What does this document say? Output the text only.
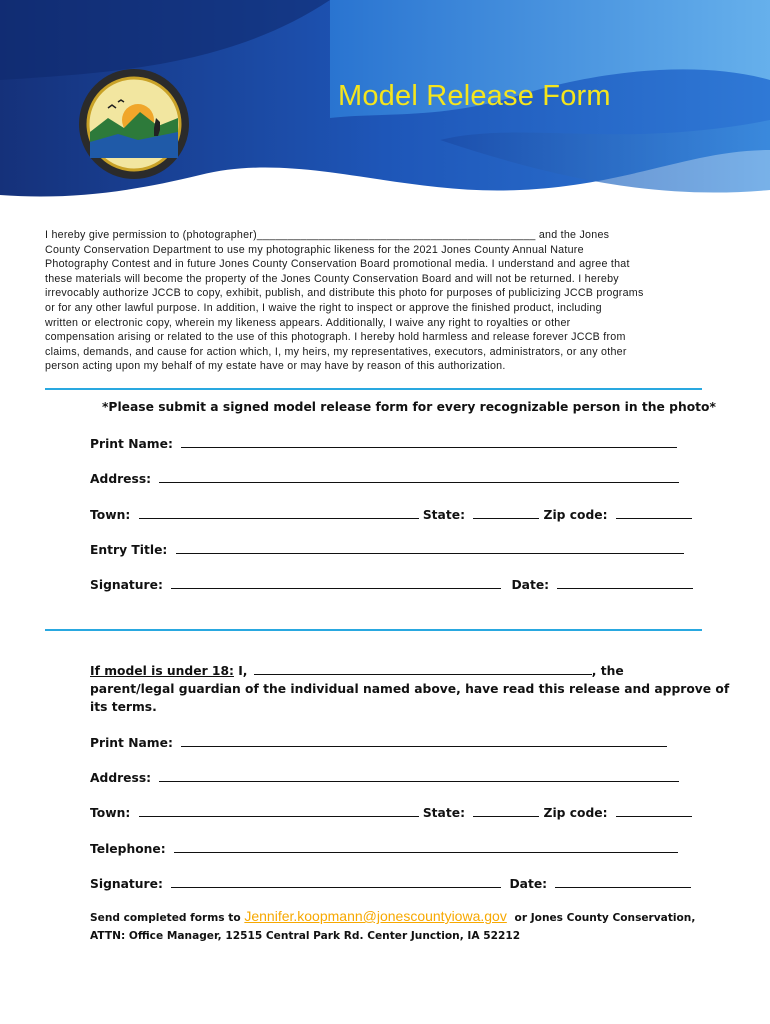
Model Release Form

I hereby give permission to (photographer)_____________________________________________ and the Jones

County Conservation Department to use my photographic likeness for the 2021 Jones County Annual Nature

Photography Contest and in future Jones County Conservation Board promotional media. I understand and agree that

these materials will become the property of the Jones County Conservation Board and will not be returned. I hereby

irrevocably authorize JCCB to copy, exhibit, publish, and distribute this photo for purposes of publicizing JCCB programs

or for any other lawful purpose. In addition, I waive the right to inspect or approve the finished product, including

written or electronic copy, wherein my likeness appears. Additionally, I waive any right to royalties or other

compensation arising or related to the use of this photograph. I hereby hold harmless and release forever JCCB from

claims, demands, and cause for action which, I, my heirs, my representatives, executors, administrators, or any other

person acting upon my behalf of my estate have or may have by reason of this authorization.

*Please submit a signed model release form for every recognizable person in the photo*
Print Name:
Address:
Town:	State:	Zip code:
Entry Title:
Signature:	Date:
If model is under 18: I,	, the
parent/legal guardian of the individual named above, have read this release and approve of
its terms.
Print Name:
Address:
Town:	State:	Zip code:
Telephone:
Signature:	Date:
Send completed forms to Jennifer.koopmann@jonescountyiowa.gov or Jones County Conservation,
ATTN: Office Manager, 12515 Central Park Rd. Center Junction, IA 52212
